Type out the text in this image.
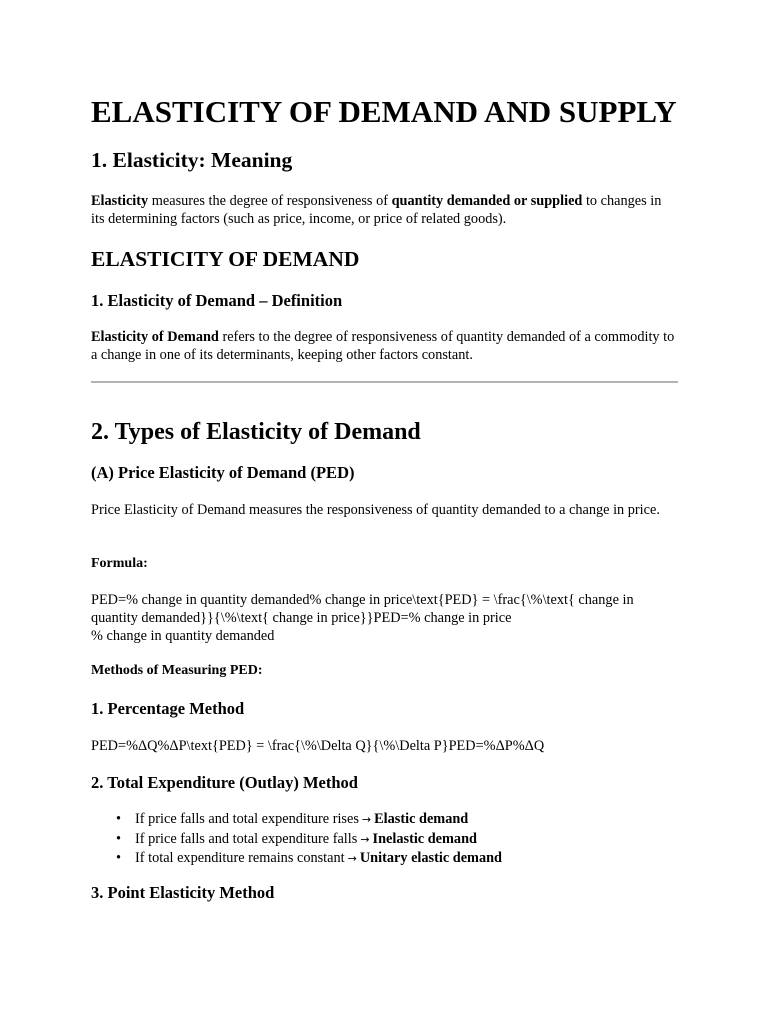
ELASTICITY OF DEMAND AND SUPPLY
1. Elasticity: Meaning

Elasticity measures the degree of responsiveness of quantity demanded or supplied to changes in its determining factors (such as price, income, or price of related goods).

ELASTICITY OF DEMAND
1. Elasticity of Demand – Definition

Elasticity of Demand refers to the degree of responsiveness of quantity demanded of a commodity to a change in one of its determinants, keeping other factors constant.

2. Types of Elasticity of Demand
(A) Price Elasticity of Demand (PED)

Price Elasticity of Demand measures the responsiveness of quantity demanded to a change in price.

Formula:

PED=% change in quantity demanded% change in price\text{PED} = \frac{\%\text{ change in quantity demanded}}{\%\text{ change in price}}PED=% change in price
% change in quantity demanded

Methods of Measuring PED:
1. Percentage Method

PED=%ΔQ%ΔP\text{PED} = \frac{\%\Delta Q}{\%\Delta P}PED=%ΔP%ΔQ

2. Total Expenditure (Outlay) Method
• If price falls and total expenditure rises → Elastic demand
• If price falls and total expenditure falls → Inelastic demand
• If total expenditure remains constant → Unitary elastic demand
3. Point Elasticity Method
